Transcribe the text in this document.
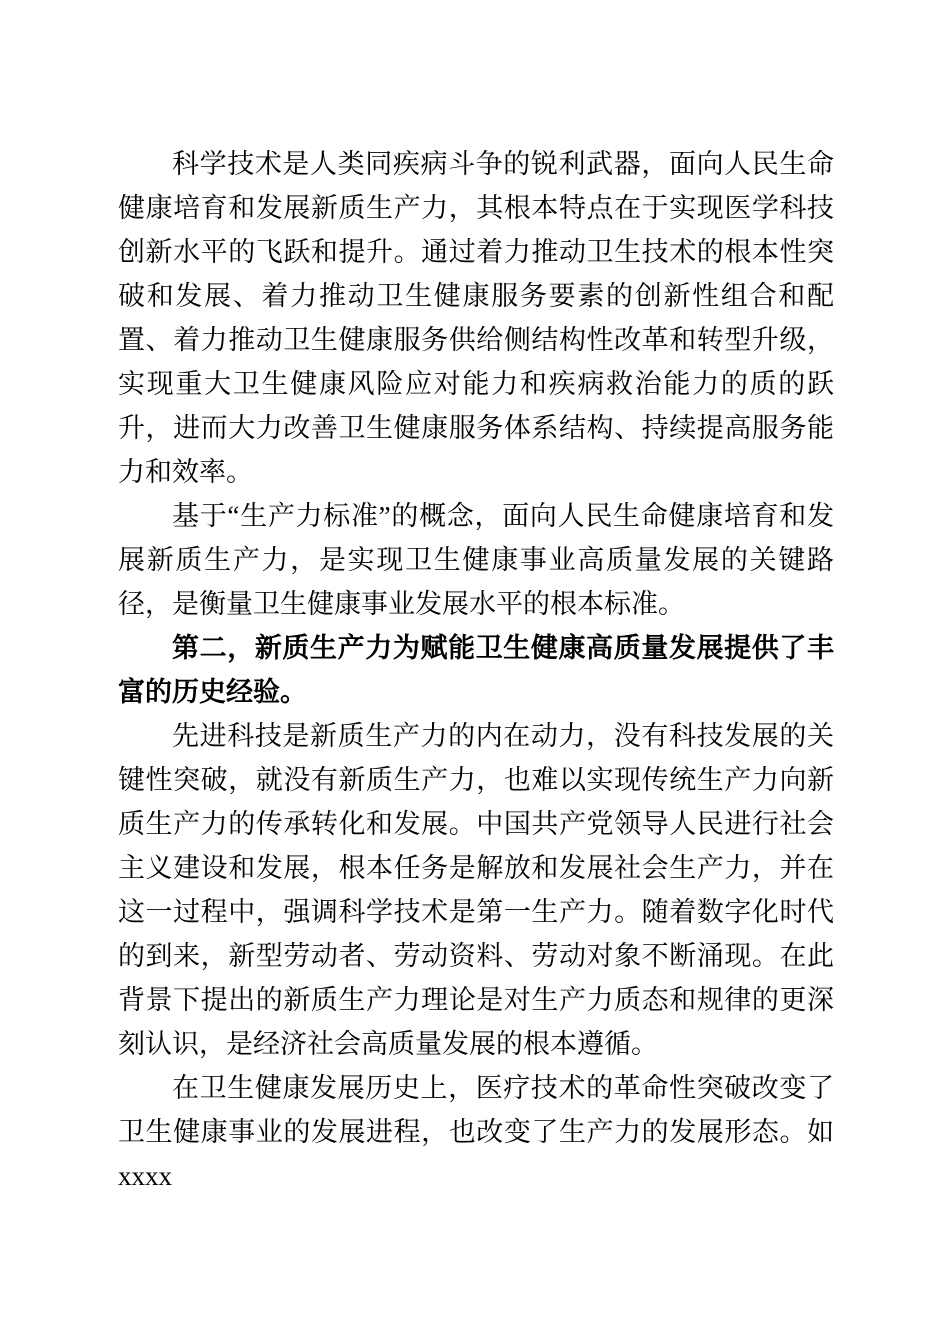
科学技术是人类同疾病斗争的锐利武器，面向人民生命健康培育和发展新质生产力，其根本特点在于实现医学科技创新水平的飞跃和提升。通过着力推动卫生技术的根本性突破和发展、着力推动卫生健康服务要素的创新性组合和配置、着力推动卫生健康服务供给侧结构性改革和转型升级，实现重大卫生健康风险应对能力和疾病救治能力的质的跃升，进而大力改善卫生健康服务体系结构、持续提高服务能力和效率。

基于“生产力标准”的概念，面向人民生命健康培育和发展新质生产力，是实现卫生健康事业高质量发展的关键路径，是衡量卫生健康事业发展水平的根本标准。

第二，新质生产力为赋能卫生健康高质量发展提供了丰富的历史经验。

先进科技是新质生产力的内在动力，没有科技发展的关键性突破，就没有新质生产力，也难以实现传统生产力向新质生产力的传承转化和发展。中国共产党领导人民进行社会主义建设和发展，根本任务是解放和发展社会生产力，并在这一过程中，强调科学技术是第一生产力。随着数字化时代的到来，新型劳动者、劳动资料、劳动对象不断涌现。在此背景下提出的新质生产力理论是对生产力质态和规律的更深刻认识，是经济社会高质量发展的根本遵循。

在卫生健康发展历史上，医疗技术的革命性突破改变了卫生健康事业的发展进程，也改变了生产力的发展形态。如 xxxx
